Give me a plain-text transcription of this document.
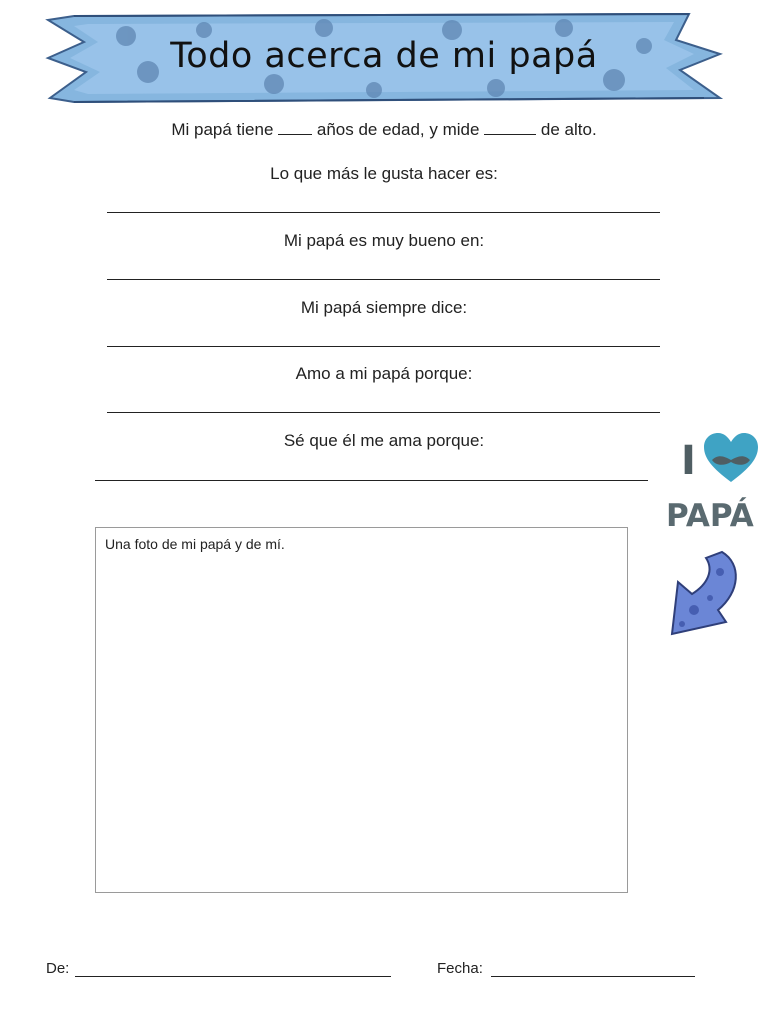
Todo acerca de mi papá
Mi papá tiene	años de edad, y mide	de alto.
Lo que más le gusta hacer es:
Mi papá es muy bueno en:
Mi papá siempre dice:
Amo a mi papá porque:
Sé que él me ama porque:
Una foto de mi papá y de mí.
I
PAPÁ
De:	Fecha:
